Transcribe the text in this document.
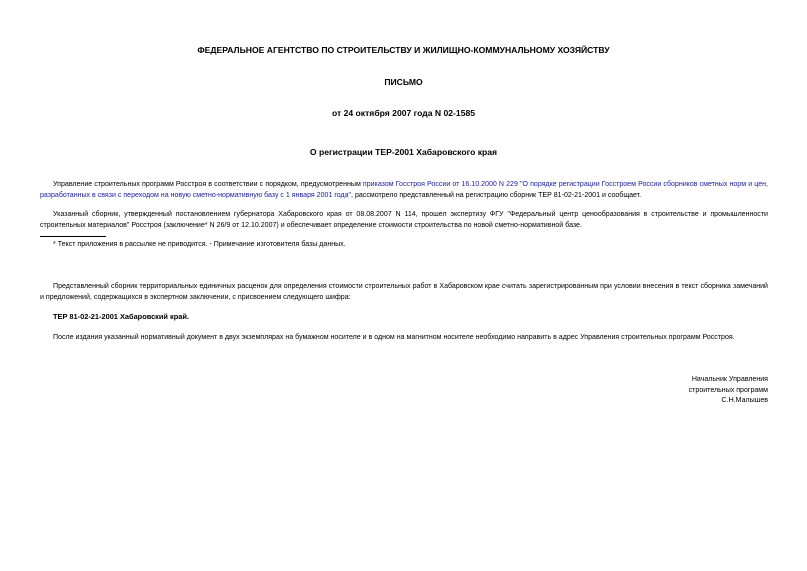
ФЕДЕРАЛЬНОЕ АГЕНТСТВО ПО СТРОИТЕЛЬСТВУ И ЖИЛИЩНО-КОММУНАЛЬНОМУ ХОЗЯЙСТВУ
ПИСЬМО
от 24 октября 2007 года N 02-1585
О регистрации ТЕР-2001 Хабаровского края
Управление строительных программ Росстроя в соответствии с порядком, предусмотренным приказом Госстроя России от 16.10.2000 N 229 "О порядке регистрации Госстроем России сборников сметных норм и цен, разработанных в связи с переходом на новую сметно-нормативную базу с 1 января 2001 года", рассмотрело представленный на регистрацию сборник ТЕР 81-02-21-2001 и сообщает.
Указанный сборник, утвержденный постановлением губернатора Хабаровского края от 08.08.2007 N 114, прошел экспертизу ФГУ "Федеральный центр ценообразования в строительстве и промышленности строительных материалов" Росстроя (заключение* N 26/9 от 12.10.2007) и обеспечивает определение стоимости строительства по новой сметно-нормативной базе.
* Текст приложения в рассылке не приводится. - Примечание изготовителя базы данных.
Представленный сборник территориальных единичных расценок для определения стоимости строительных работ в Хабаровском крае считать зарегистрированным при условии внесения в текст сборника замечаний и предложений, содержащихся в экспертном заключении, с присвоением следующего шифра:
ТЕР 81-02-21-2001 Хабаровский край.
После издания указанный нормативный документ в двух экземплярах на бумажном носителе и в одном на магнитном носителе необходимо направить в адрес Управления строительных программ Росстроя.
Начальник Управления
строительных программ
С.Н.Малышев
